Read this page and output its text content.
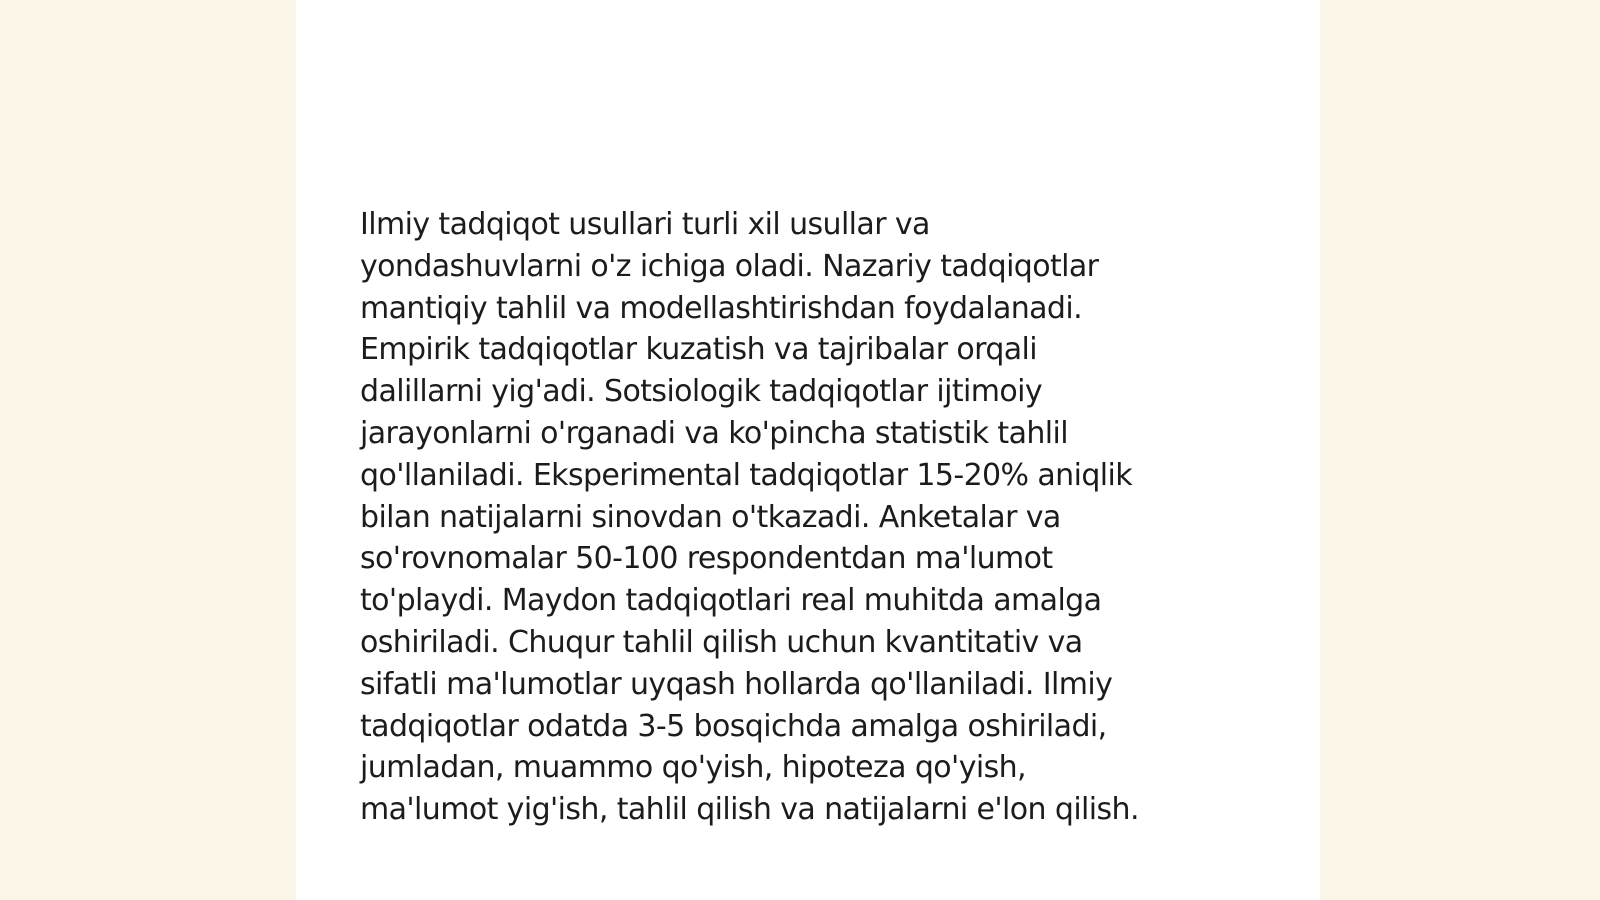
Ilmiy tadqiqot usullari turli xil usullar va
yondashuvlarni o'z ichiga oladi. Nazariy tadqiqotlar
mantiqiy tahlil va modellashtirishdan foydalanadi.
Empirik tadqiqotlar kuzatish va tajribalar orqali
dalillarni yig'adi. Sotsiologik tadqiqotlar ijtimoiy
jarayonlarni o'rganadi va ko'pincha statistik tahlil
qo'llaniladi. Eksperimental tadqiqotlar 15-20% aniqlik
bilan natijalarni sinovdan o'tkazadi. Anketalar va
so'rovnomalar 50-100 respondentdan ma'lumot
to'playdi. Maydon tadqiqotlari real muhitda amalga
oshiriladi. Chuqur tahlil qilish uchun kvantitativ va
sifatli ma'lumotlar uyqash hollarda qo'llaniladi. Ilmiy
tadqiqotlar odatda 3-5 bosqichda amalga oshiriladi,
jumladan, muammo qo'yish, hipoteza qo'yish,
ma'lumot yig'ish, tahlil qilish va natijalarni e'lon qilish.
